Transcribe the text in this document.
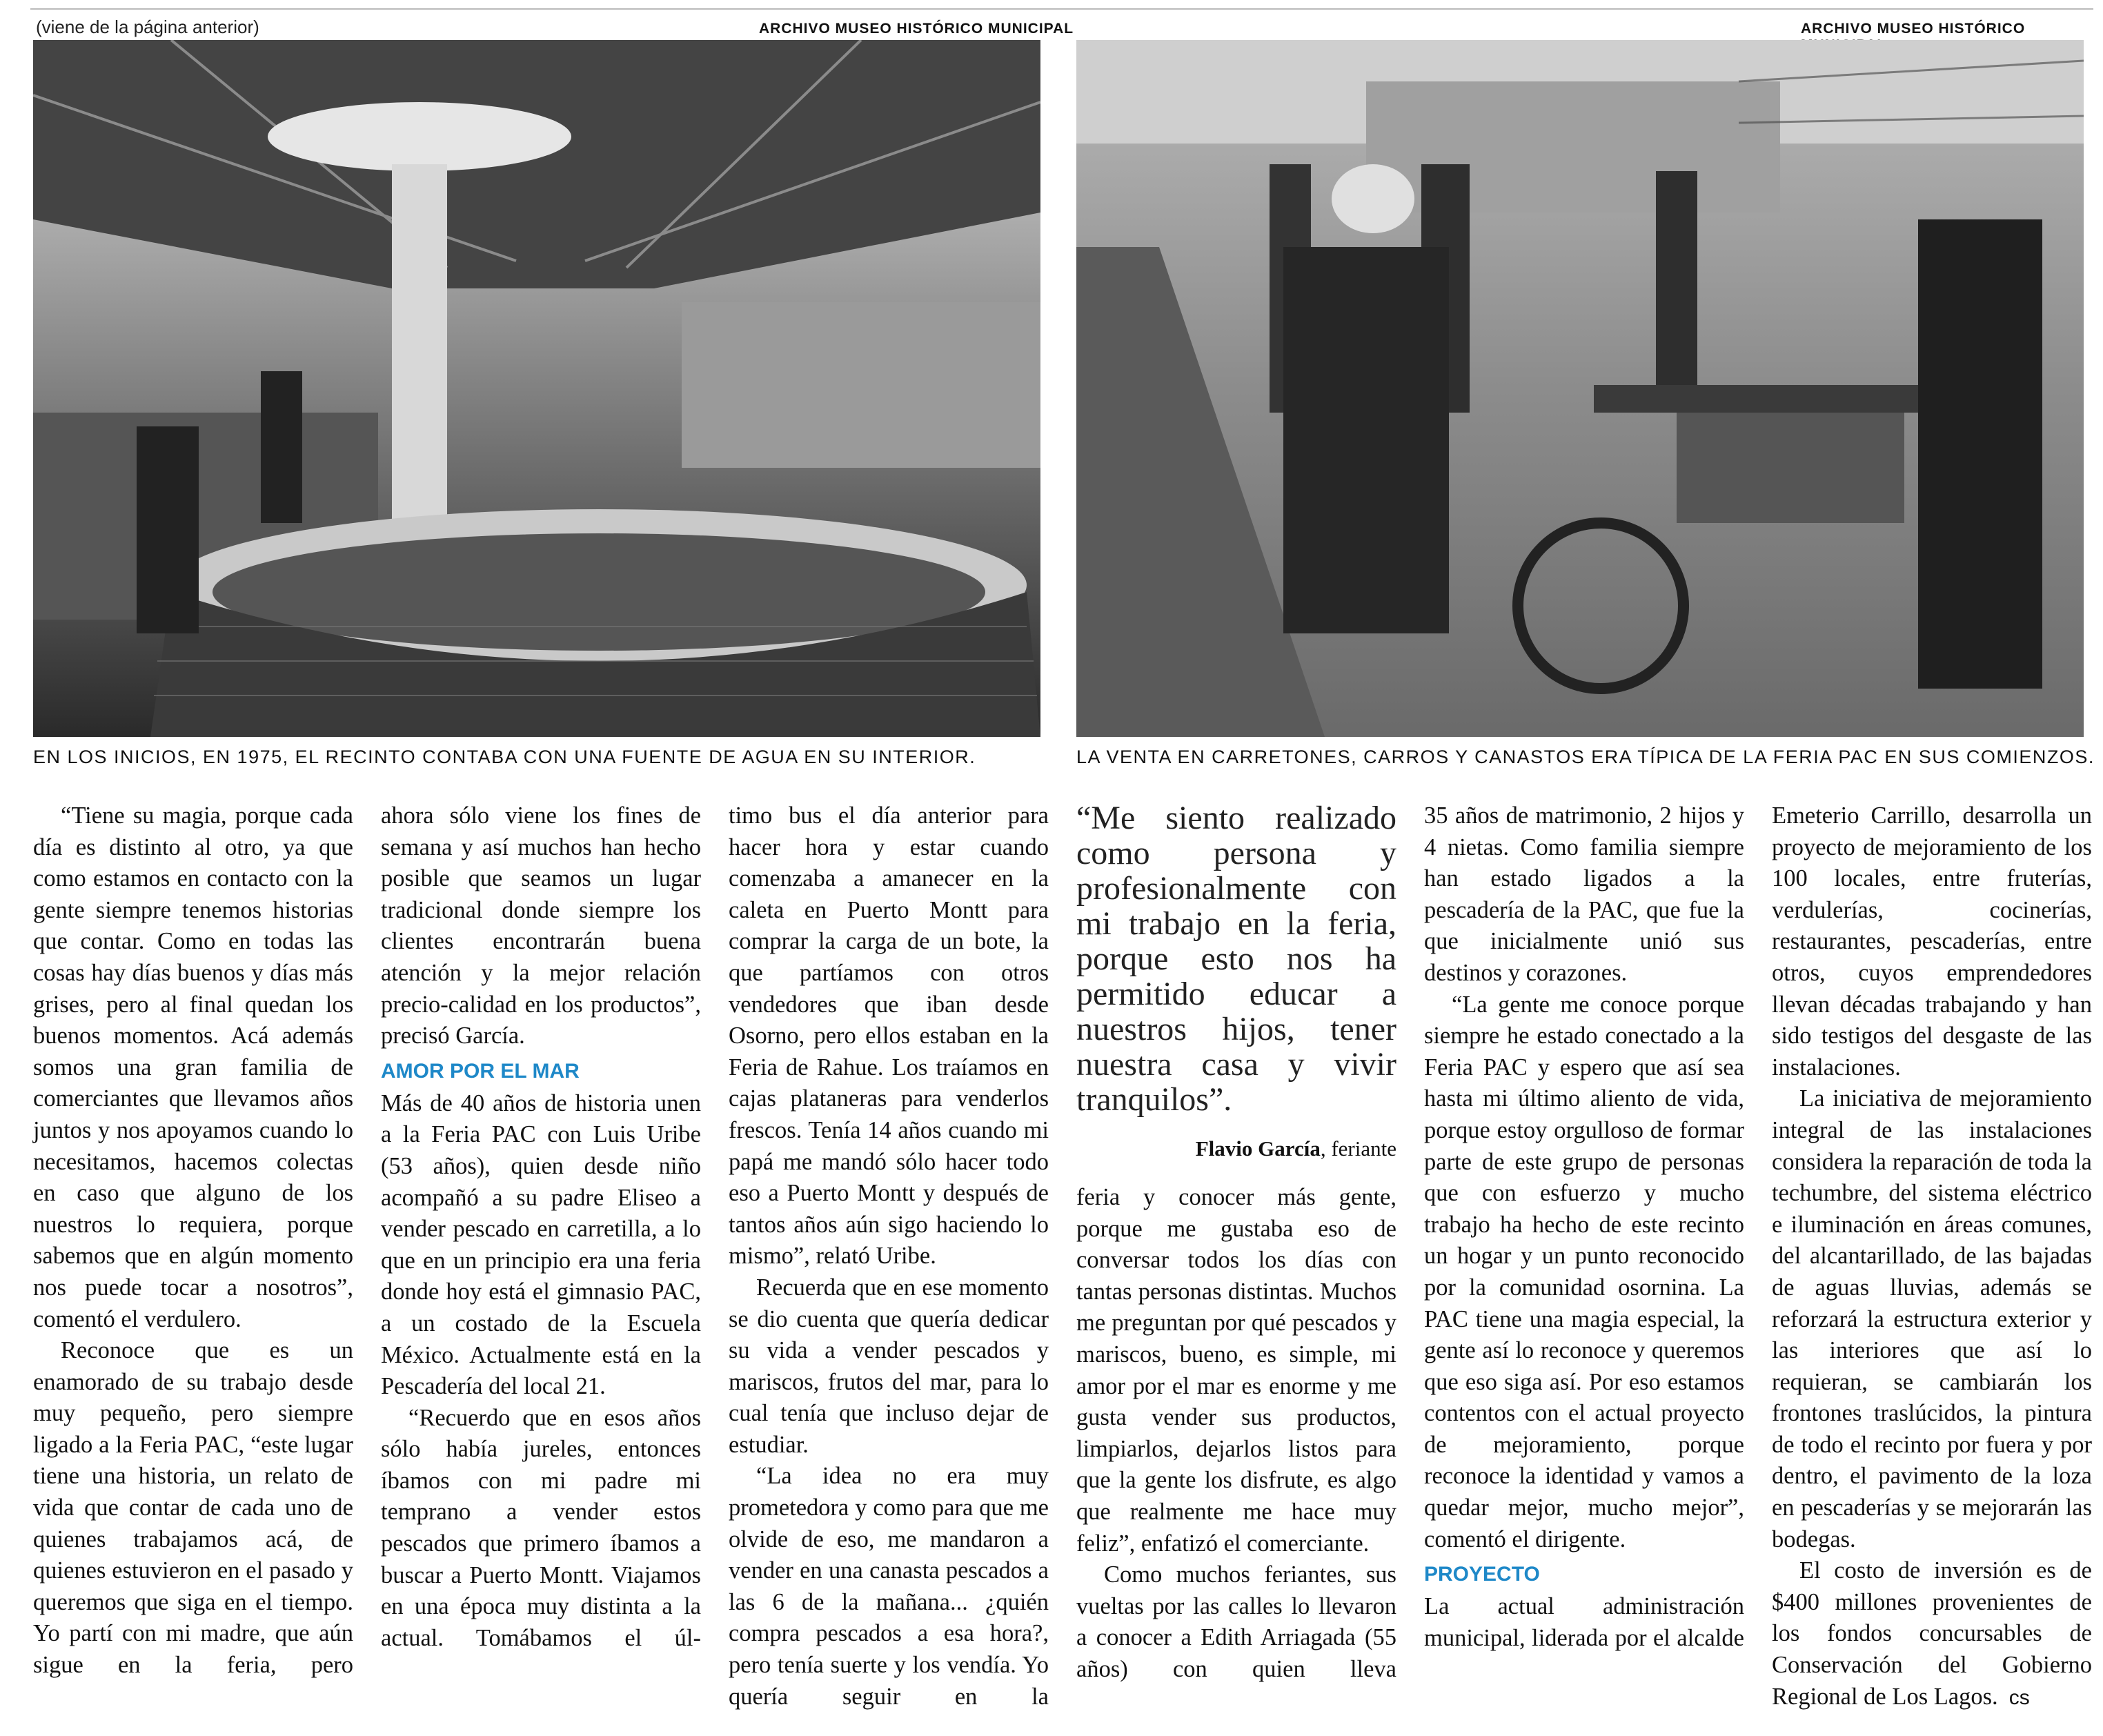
(viene de la página anterior)	ARCHIVO MUSEO HISTÓRICO MUNICIPAL
EN LOS INICIOS, EN 1975, EL RECINTO CONTABA CON UNA FUENTE DE AGUA EN SU INTERIOR.
ARCHIVO MUSEO HISTÓRICO
LA VENTA EN CARRETONES, CARROS Y CANASTOS ERA TÍPICA DE LA FERIA PAC EN SUS COMIENZOS.

“Tiene su magia, porque cada día es distinto al otro, ya que como estamos en contacto con la gente siempre tenemos historias que contar. Como en todas las cosas hay días buenos y días más grises, pero al final quedan los buenos momentos. Acá además somos una gran familia de comerciantes que llevamos años juntos y nos apoyamos cuando lo necesitamos, hacemos colectas en caso que alguno de los nuestros lo requiera, porque sabemos que en algún momento nos puede tocar a nosotros”, comentó el verdulero.

Reconoce que es un enamorado de su trabajo desde muy pequeño, pero siempre ligado a la Feria PAC, “este lugar tiene una historia, un relato de vida que contar de cada uno de quienes trabajamos acá, de quienes estuvieron en el pasado y queremos que siga en el tiempo. Yo partí con mi madre, que aún sigue en la feria, pero

ahora sólo viene los fines de semana y así muchos han hecho posible que seamos un lugar tradicional donde siempre los clientes encontrarán buena atención y la mejor relación precio-calidad en los productos”, precisó García.

AMOR POR EL MAR

Más de 40 años de historia unen a la Feria PAC con Luis Uribe (53 años), quien desde niño acompañó a su padre Eliseo a vender pescado en carretilla, a lo que en un principio era una feria donde hoy está el gimnasio PAC, a un costado de la Escuela México. Actualmente está en la Pescadería del local 21.

“Recuerdo que en esos años sólo había jureles, entonces íbamos con mi padre mi temprano a vender estos pescados que primero íbamos a buscar a Puerto Montt. Viajamos en una época muy distinta a la actual. Tomábamos el úl-

timo bus el día anterior para hacer hora y estar cuando comenzaba a amanecer en la caleta en Puerto Montt para comprar la carga de un bote, la que partíamos con otros vendedores que iban desde Osorno, pero ellos estaban en la Feria de Rahue. Los traíamos en cajas plataneras para venderlos frescos. Tenía 14 años cuando mi papá me mandó sólo hacer todo eso a Puerto Montt y después de tantos años aún sigo haciendo lo mismo”, relató Uribe.

Recuerda que en ese momento se dio cuenta que quería dedicar su vida a vender pescados y mariscos, frutos del mar, para lo cual tenía que incluso dejar de estudiar.

“La idea no era muy prometedora y como para que me olvide de eso, me mandaron a vender en una canasta pescados a las 6 de la mañana... ¿quién compra pescados a esa hora?, pero tenía suerte y los vendía. Yo quería seguir en la

“Me siento realizado como persona y profesionalmente con mi trabajo en la feria, porque esto nos ha permitido educar a nuestros hijos, tener nuestra casa y vivir tranquilos”.

Flavio García, feriante

feria y conocer más gente, porque me gustaba eso de conversar todos los días con tantas personas distintas. Muchos me preguntan por qué pescados y mariscos, bueno, es simple, mi amor por el mar es enorme y me gusta vender sus productos, limpiarlos, dejarlos listos para que la gente los disfrute, es algo que realmente me hace muy feliz”, enfatizó el comerciante.

Como muchos feriantes, sus vueltas por las calles lo llevaron a conocer a Edith Arriagada (55 años) con quien lleva

35 años de matrimonio, 2 hijos y 4 nietas. Como familia siempre han estado ligados a la pescadería de la PAC, que fue la que inicialmente unió sus destinos y corazones.

“La gente me conoce porque siempre he estado conectado a la Feria PAC y espero que así sea hasta mi último aliento de vida, porque estoy orgulloso de formar parte de este grupo de personas que con esfuerzo y mucho trabajo ha hecho de este recinto un hogar y un punto reconocido por la comunidad osornina. La PAC tiene una magia especial, la gente así lo reconoce y queremos que eso siga así. Por eso estamos contentos con el actual proyecto de mejoramiento, porque reconoce la identidad y vamos a quedar mejor, mucho mejor”, comentó el dirigente.

PROYECTO

La actual administración municipal, liderada por el alcalde

Emeterio Carrillo, desarrolla un proyecto de mejoramiento de los 100 locales, entre fruterías, verdulerías, cocinerías, restaurantes, pescaderías, entre otros, cuyos emprendedores llevan décadas trabajando y han sido testigos del desgaste de las instalaciones.

La iniciativa de mejoramiento integral de las instalaciones considera la reparación de toda la techumbre, del sistema eléctrico e iluminación en áreas comunes, del alcantarillado, de las bajadas de aguas lluvias, además se reforzará la estructura exterior y las interiores que así lo requieran, se cambiarán los frontones traslúcidos, la pintura de todo el recinto por fuera y por dentro, el pavimento de la loza en pescaderías y se mejorarán las bodegas.

El costo de inversión es de $400 millones provenientes de los fondos concursables de Conservación del Gobierno Regional de Los Lagos. cs
